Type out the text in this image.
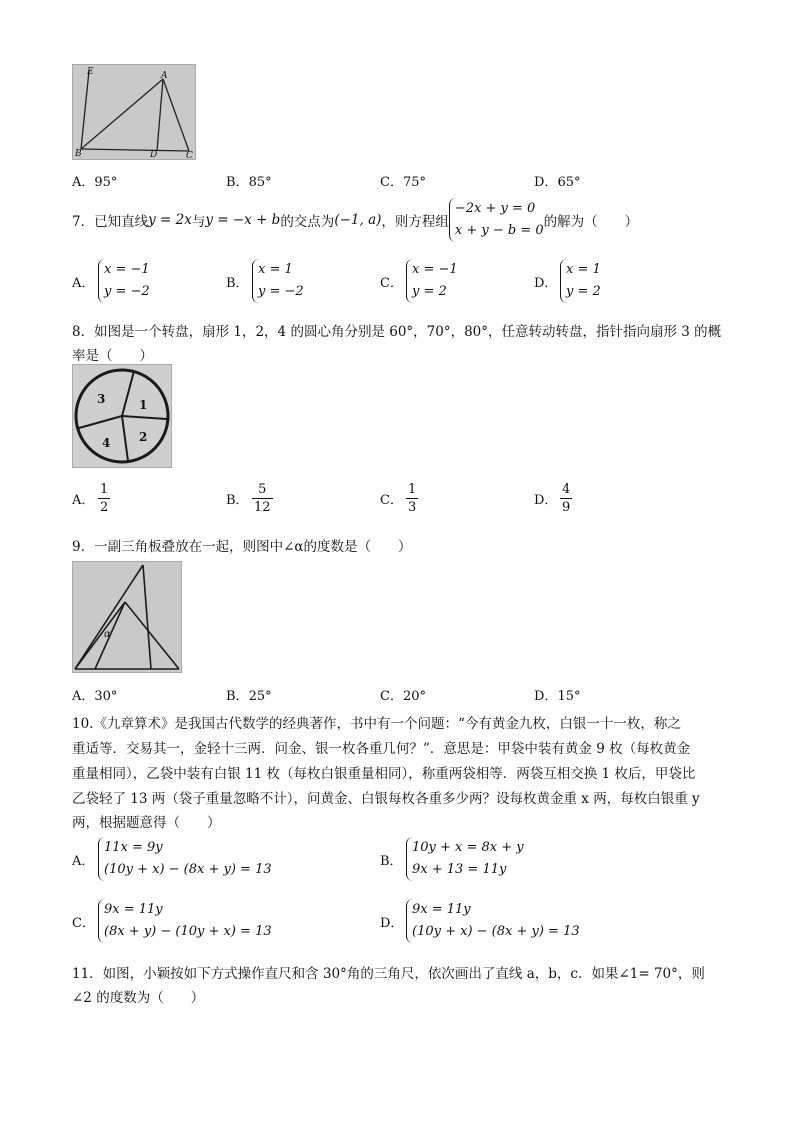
E	A
B	D	C
A．95°	B．85°	C．75°	D．65°
7．已知直线y = 2x与y = −x + b的交点为(−1, a)，则方程组
−2x + y = 0
x + y − b = 0
的解为（　　）
A．
x = −1
y = −2
B．
x = 1
y = −2
C．
x = −1
y = 2
D．
x = 1
y = 2
8．如图是一个转盘，扇形 1，2，4 的圆心角分别是 60°，70°，80°，任意转动转盘，指针指向扇形 3 的概
率是（　　）
3	1
2
4
A． $\frac{1}{2}$	B． $\frac{5}{12}$	C． $\frac{1}{3}$	D． $\frac{4}{9}$
9．一副三角板叠放在一起，则图中∠α的度数是（　　）
α
A．30°	B．25°	C．20°	D．15°
10.《九章算术》是我国古代数学的经典著作，书中有一个问题：“今有黄金九枚，白银一十一枚，称之
重适等．交易其一，金轻十三两．问金、银一枚各重几何？”．意思是：甲袋中装有黄金 9 枚（每枚黄金
重量相同），乙袋中装有白银 11 枚（每枚白银重量相同），称重两袋相等．两袋互相交换 1 枚后，甲袋比
乙袋轻了 13 两（袋子重量忽略不计），问黄金、白银每枚各重多少两？设每枚黄金重 x 两，每枚白银重 y
两，根据题意得（　　）
A．
11x = 9y
(10y + x) − (8x + y) = 13
B．
10y + x = 8x + y
9x + 13 = 11y
C．
9x = 11y
(8x + y) − (10y + x) = 13
D．
9x = 11y
(10y + x) − (8x + y) = 13
11．如图，小颖按如下方式操作直尺和含 30°角的三角尺，依次画出了直线 a，b，c．如果∠1= 70°，则
∠2 的度数为（　　）
